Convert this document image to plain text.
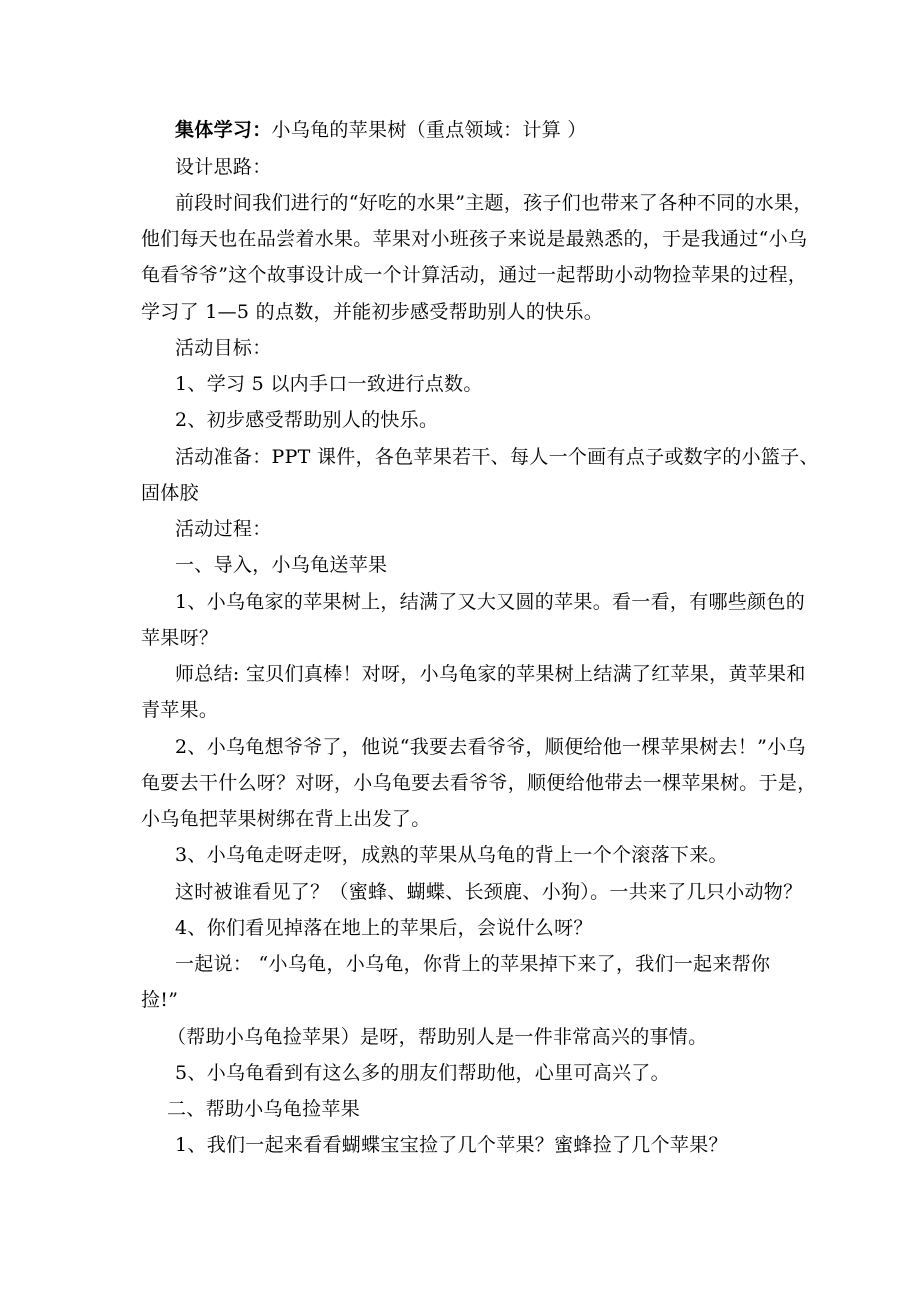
集体学习：小乌龟的苹果树（重点领域：计算 ）
设计思路：
前段时间我们进行的“好吃的水果”主题，孩子们也带来了各种不同的水果，
他们每天也在品尝着水果。苹果对小班孩子来说是最熟悉的，于是我通过“小乌
龟看爷爷”这个故事设计成一个计算活动，通过一起帮助小动物捡苹果的过程，
学习了 1—5 的点数，并能初步感受帮助别人的快乐。
活动目标：
1、学习 5 以内手口一致进行点数。
2、初步感受帮助别人的快乐。
活动准备：PPT 课件，各色苹果若干、每人一个画有点子或数字的小篮子、
固体胶
活动过程：
一、导入，小乌龟送苹果
1、小乌龟家的苹果树上，结满了又大又圆的苹果。看一看，有哪些颜色的
苹果呀？
师总结: 宝贝们真棒！对呀，小乌龟家的苹果树上结满了红苹果，黄苹果和
青苹果。
2、小乌龟想爷爷了，他说“我要去看爷爷，顺便给他一棵苹果树去！”小乌
龟要去干什么呀？对呀，小乌龟要去看爷爷，顺便给他带去一棵苹果树。于是，
小乌龟把苹果树绑在背上出发了。
3、小乌龟走呀走呀，成熟的苹果从乌龟的背上一个个滚落下来。
这时被谁看见了？（蜜蜂、蝴蝶、长颈鹿、小狗）。一共来了几只小动物？
4、你们看见掉落在地上的苹果后，会说什么呀？
一起说： “小乌龟，小乌龟，你背上的苹果掉下来了，我们一起来帮你
捡!”
（帮助小乌龟捡苹果）是呀，帮助别人是一件非常高兴的事情。
5、小乌龟看到有这么多的朋友们帮助他，心里可高兴了。
二、帮助小乌龟捡苹果
1、我们一起来看看蝴蝶宝宝捡了几个苹果？蜜蜂捡了几个苹果？
